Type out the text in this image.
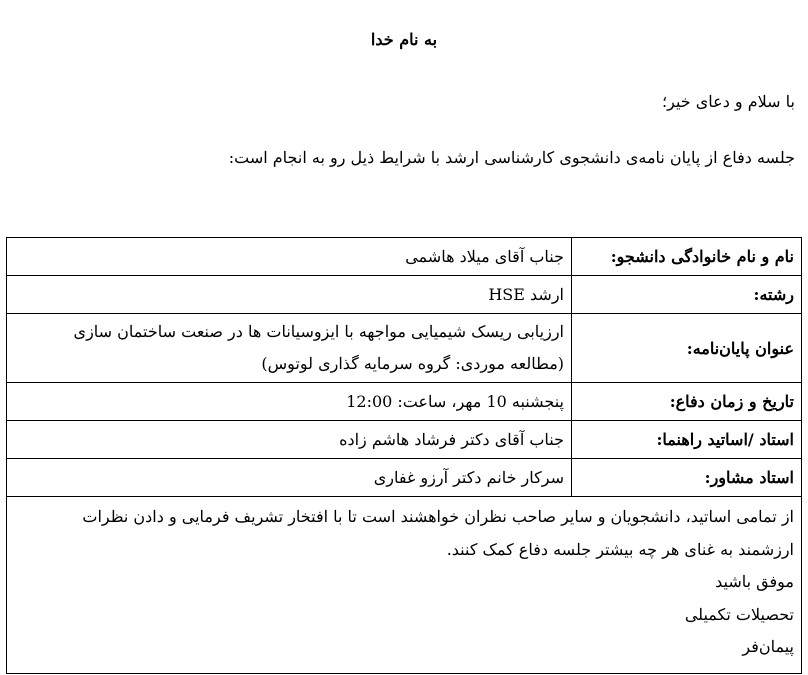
به نام خدا
با سلام و دعای خیر؛
جلسه دفاع از پایان نامه‌ی دانشجوی کارشناسی ارشد با شرایط ذیل رو به انجام است:
نام و نام خانوادگی دانشجو:	جناب آقای میلاد هاشمی
رشته:	ارشد HSE
عنوان پایان‌نامه:	ارزیابی ریسک شیمیایی مواجهه با ایزوسیانات ها در صنعت ساختمان سازی
(مطالعه موردی: گروه سرمایه گذاری لوتوس)

تاریخ و زمان دفاع:	پنجشنبه 10 مهر، ساعت: 12:00
استاد /اساتید راهنما:	جناب آقای دکتر فرشاد هاشم زاده
استاد مشاور:	سرکار خانم دکتر آرزو غفاری

از تمامی اساتید، دانشجویان و سایر صاحب نظران خواهشند است تا با افتخار تشریف فرمایی و دادن نظرات
ارزشمند به غنای هر چه بیشتر جلسه دفاع کمک کنند.
موفق باشید
تحصیلات تکمیلی
پیمان‌فر	
